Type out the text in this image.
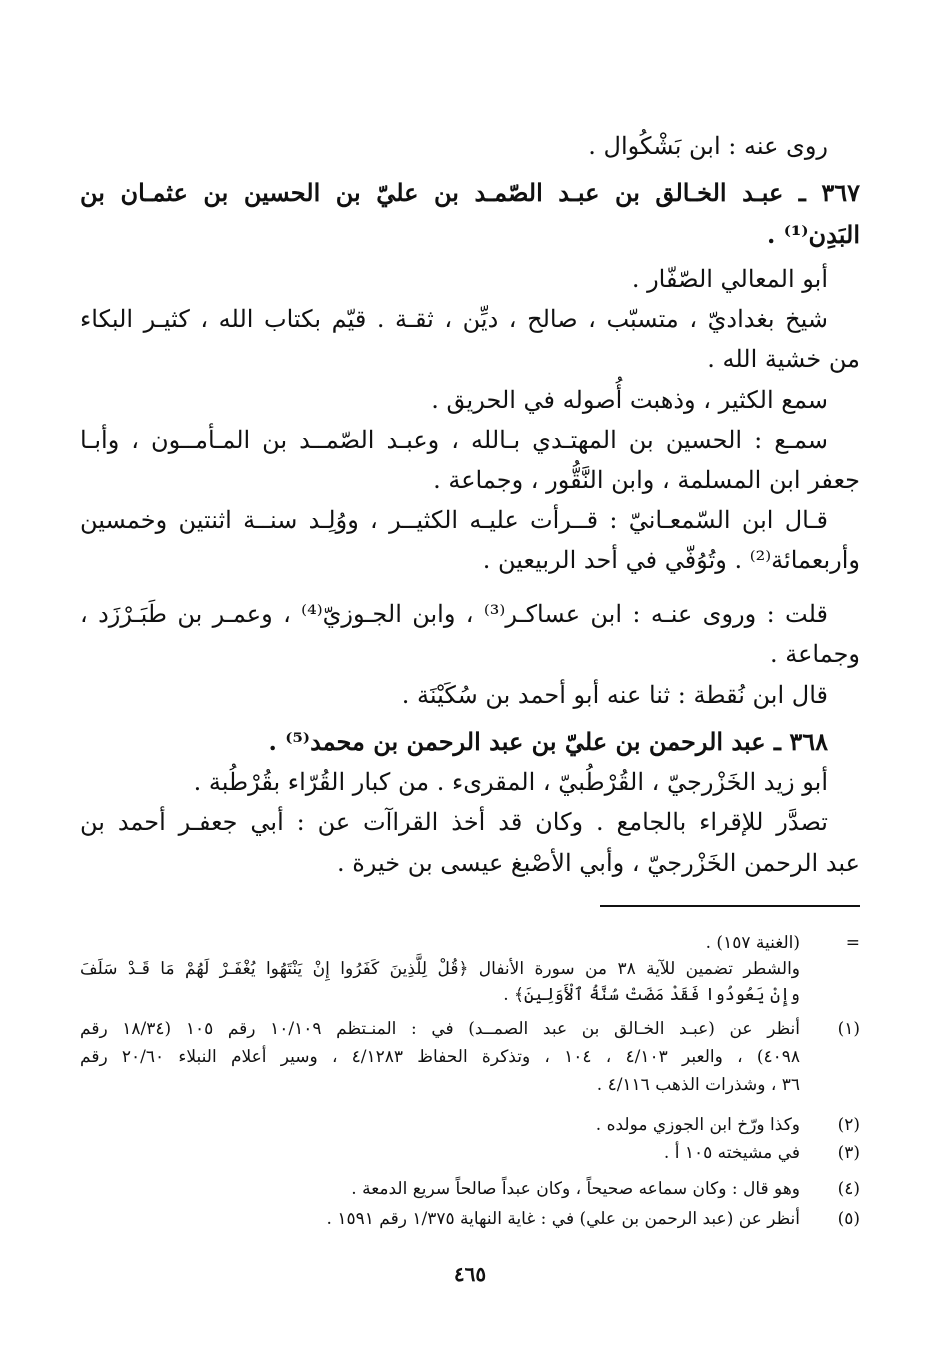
روى عنه : ابن بَشْكُوال .
٣٦٧ ـ عبـد الخـالق بن عبـد الصّمـد بن عليّ بن الحسين بن عثمـان بن
البَدِن⁽¹⁾ .
أبو المعالي الصّفّار .
شيخ بغداديّ ، متسبّب ، صالح ، ديِّن ، ثقـة . قيّم بكتاب الله ، كثيـر البكاء
من خشية الله .
سمع الكثير ، وذهبت أُصوله في الحريق .
سمـع : الحسين بن المهتـدي بـالله ، وعبـد الصّمــد بن المـأمــون ، وأبـا
جعفر ابن المسلمة ، وابن النَّقُّور ، وجماعة .
قـال ابن السّمعـانيّ : قــرأت عليـه الكثيــر ، ووُلِـد سنــة اثنتين وخمسين
وأربعمائة⁽²⁾ . وتُوُفّي في أحد الربيعين .
قلت : وروى عنـه : ابن عساكـر⁽³⁾ ، وابن الجـوزيّ⁽⁴⁾ ، وعمـر بن طَبَـرْزَد ،
وجماعة .
قال ابن نُقطة : ثنا عنه أبو أحمد بن سُكَيْنَة .
٣٦٨ ـ عبد الرحمن بن عليّ بن عبد الرحمن بن محمد⁽⁵⁾ .
أبو زيد الخَزْرجيّ ، القُرْطُبيّ ، المقرىء . من كبار القُرّاء بقُرْطُبة .
تصدَّر للإقراء بالجامع . وكان قد أخذ القراآت عن : أبي جعفـر أحمد بن
عبد الرحمن الخَزْرجيّ ، وأبي الأصْبغ عيسى بن خيرة .
=
(الغنية ١٥٧) .
والشطر تضمين للآية ٣٨ من سورة الأنفال ﴿قُلْ لِلَّذِينَ كَفَرُوا إِنْ يَنْتَهُوا يُغْفَـرْ لَهُمْ مَا قَـدْ سَلَفَ
وإِنْ يَعُودُوا فَقَدْ مَضَتْ سُنَّةُ ٱلْأَوَلِينَ﴾ .
(١)
أنظر عن (عبـد الخـالق بن عبد الصمــد) في : المنـتظم ١٠/١٠٩ رقم ١٠٥ (١٨/٣٤ رقم
٤٠٩٨) ، والعبر ٤/١٠٣ ، ١٠٤ ، وتذكرة الحفاظ ٤/١٢٨٣ ، وسير أعلام النبلاء ٢٠/٦٠ رقم
٣٦ ، وشذرات الذهب ٤/١١٦ .
(٢)
وكذا ورّخ ابن الجوزي مولده .
(٣)
في مشيخته ١٠٥ أ .
(٤)
وهو قال : وكان سماعه صحيحاً ، وكان عبداً صالحاً سريع الدمعة .
(٥)
أنظر عن (عبد الرحمن بن علي) في : غاية النهاية ١/٣٧٥ رقم ١٥٩١ .
٤٦٥
